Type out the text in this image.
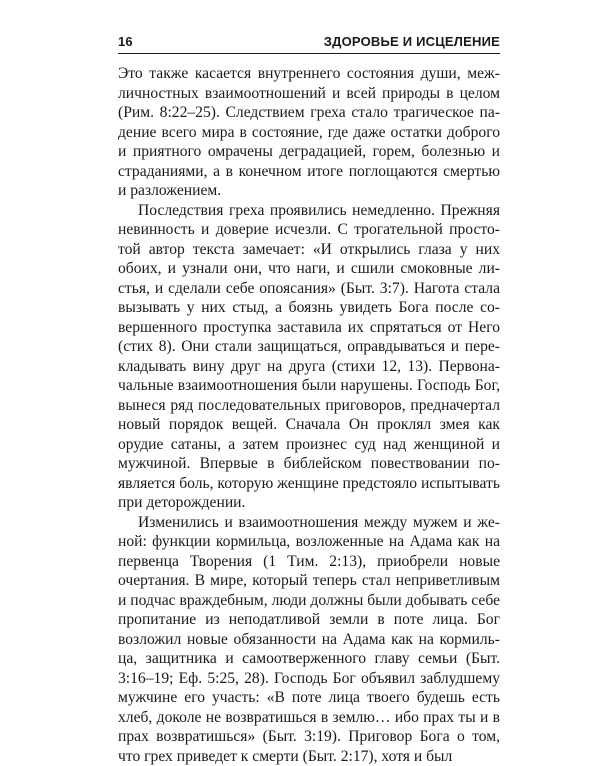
16	ЗДОРОВЬЕ И ИСЦЕЛЕНИЕ

Это также касается внутреннего состояния души, межличностных взаимоотношений и всей природы в целом (Рим. 8:22–25). Следствием греха стало трагическое падение всего мира в состояние, где даже остатки доброго и приятного омрачены деградацией, горем, болезнью и страданиями, а в конечном итоге поглощаются смертью и разложением.

Последствия греха проявились немедленно. Прежняя невинность и доверие исчезли. С трогательной простотой автор текста замечает: «И открылись глаза у них обоих, и узнали они, что наги, и сшили смоковные листья, и сделали себе опоясания» (Быт. 3:7). Нагота стала вызывать у них стыд, а боязнь увидеть Бога после совершенного проступка заставила их спрятаться от Него (стих 8). Они стали защищаться, оправдываться и перекладывать вину друг на друга (стихи 12, 13). Первоначальные взаимоотношения были нарушены. Господь Бог, вынеся ряд последовательных приговоров, предначертал новый порядок вещей. Сначала Он проклял змея как орудие сатаны, а затем произнес суд над женщиной и мужчиной. Впервые в библейском повествовании появляется боль, которую женщине предстояло испытывать при деторождении.

Изменились и взаимоотношения между мужем и женой: функции кормильца, возложенные на Адама как на первенца Творения (1 Тим. 2:13), приобрели новые очертания. В мире, который теперь стал неприветливым и подчас враждебным, люди должны были добывать себе пропитание из неподатливой земли в поте лица. Бог возложил новые обязанности на Адама как на кормильца, защитника и самоотверженного главу семьи (Быт. 3:16–19; Еф. 5:25, 28). Господь Бог объявил заблудшему мужчине его участь: «В поте лица твоего будешь есть хлеб, доколе не возвратишься в землю… ибо прах ты и в прах возвратишься» (Быт. 3:19). Приговор Бога о том, что грех приведет к смерти (Быт. 2:17), хотя и был
